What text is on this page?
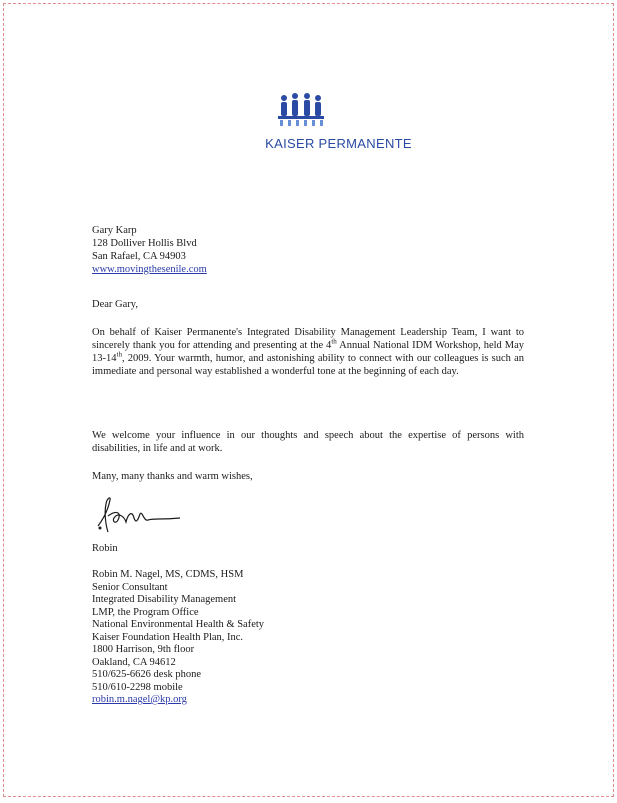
KAISER PERMANENTE
Gary Karp
128 Dolliver Hollis Blvd
San Rafael, CA 94903
www.movingthesenile.com
Dear Gary,
On behalf of Kaiser Permanente's Integrated Disability Management Leadership Team, I want to sincerely thank you for attending and presenting at the 4th Annual National IDM Workshop, held May 13-14th, 2009. Your warmth, humor, and astonishing ability to connect with our colleagues is such an immediate and personal way established a wonderful tone at the beginning of each day.
We welcome your influence in our thoughts and speech about the expertise of persons with disabilities, in life and at work.
Many, many thanks and warm wishes,
Robin
Robin M. Nagel, MS, CDMS, HSM
Senior Consultant
Integrated Disability Management
LMP, the Program Office
National Environmental Health & Safety
Kaiser Foundation Health Plan, Inc.
1800 Harrison, 9th floor
Oakland, CA 94612
510/625-6626 desk phone
510/610-2298 mobile
robin.m.nagel@kp.org
